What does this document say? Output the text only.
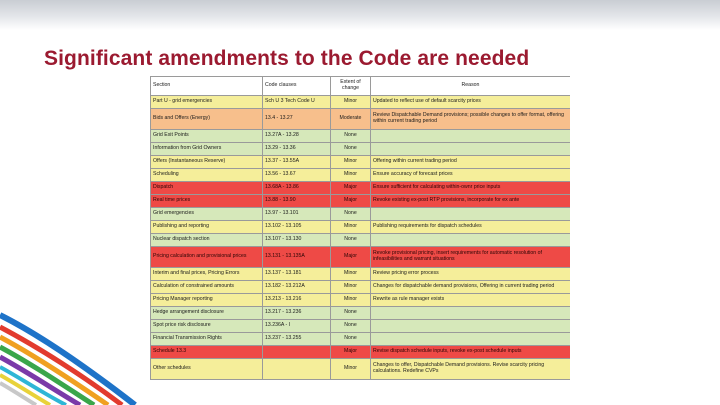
Significant amendments to the Code are needed
Section	Code clauses	Extent of change	Reason
Part U - grid emergencies	Sch U 3 Tech Code U	Minor	Updated to reflect use of default scarcity prices
Bids and Offers (Energy)	13.4 - 13.27	Moderate	Review Dispatchable Demand provisions; possible changes to offer format, offering within current trading period
Grid Exit Points	13.27A - 13.28	None	
Information from Grid Owners	13.29 - 13.36	None	
Offers (Instantaneous Reserve)	13.37 - 13.55A	Minor	Offering within current trading period
Scheduling	13.56 - 13.67	Minor	Ensure accuracy of forecast prices
Dispatch	13.68A - 13.86	Major	Ensure sufficient for calculating within-ownr price inputs
Real time prices	13.88 - 13.90	Major	Revoke existing ex-post RTP provisions, incorporate for ex ante
Grid emergencies	13.97 - 13.101	None	
Publishing and reporting	13.102 - 13.105	Minor	Publishing requirements for dispatch schedules
Nuclear dispatch section	13.107 - 13.130	None	
Pricing calculation and provisional prices	13.131 - 13.135A	Major	Revoke provisional pricing, insert requirements for automatic resolution of infeasibilities and warrant situations
Interim and final prices, Pricing Errors	13.137 - 13.181	Minor	Review pricing error process
Calculation of constrained amounts	13.182 - 13.212A	Minor	Changes for dispatchable demand provisions, Offering in current trading period
Pricing Manager reporting	13.213 - 13.216	Minor	Rewrite as rule manager exists
Hedge arrangement disclosure	13.217 - 13.236	None	
Spot price risk disclosure	13.236A - I	None	
Financial Transmission Rights	13.237 - 13.255	None	
Schedule 13.3		Major	Revise dispatch schedule inputs, revoke ex-post schedule inputs
Other schedules		Minor	Changes to offer, Dispatchable Demand provisions. Revise scarcity pricing calculations. Redefine CVPs
